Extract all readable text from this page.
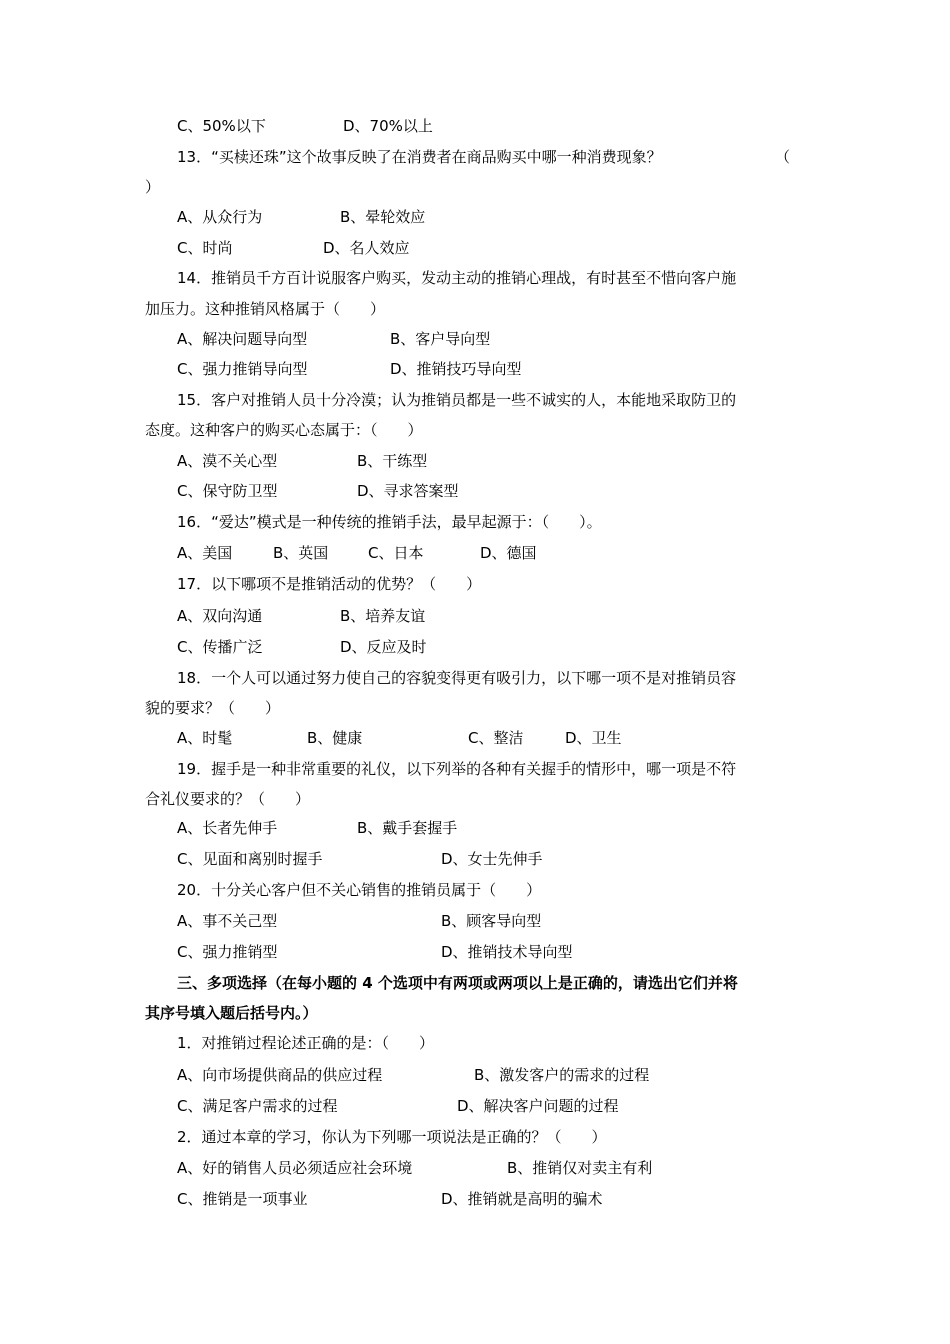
C、50%以下	D、70%以上
13．“买椟还珠”这个故事反映了在消费者在商品购买中哪一种消费现象？	（
）
A、从众行为	B、晕轮效应
C、时尚	D、名人效应
14．推销员千方百计说服客户购买，发动主动的推销心理战，有时甚至不惜向客户施
加压力。这种推销风格属于（　　）
A、解决问题导向型	B、客户导向型
C、强力推销导向型	D、推销技巧导向型
15．客户对推销人员十分冷漠；认为推销员都是一些不诚实的人，本能地采取防卫的
态度。这种客户的购买心态属于：（　　）
A、漠不关心型	B、干练型
C、保守防卫型	D、寻求答案型
16．“爱达”模式是一种传统的推销手法，最早起源于：（　　）。
A、美国	B、英国	C、日本	D、德国
17．以下哪项不是推销活动的优势？（　　）
A、双向沟通	B、培养友谊
C、传播广泛	D、反应及时
18．一个人可以通过努力使自己的容貌变得更有吸引力，以下哪一项不是对推销员容
貌的要求？（　　）
A、时髦	B、健康	C、整洁	D、卫生
19．握手是一种非常重要的礼仪，以下列举的各种有关握手的情形中，哪一项是不符
合礼仪要求的？（　　）
A、长者先伸手	B、戴手套握手
C、见面和离别时握手	D、女士先伸手
20．十分关心客户但不关心销售的推销员属于（　　）
A、事不关己型	B、顾客导向型
C、强力推销型	D、推销技术导向型
三、多项选择（在每小题的 4 个选项中有两项或两项以上是正确的，请选出它们并将
其序号填入题后括号内。）
1．对推销过程论述正确的是：（　　）
A、向市场提供商品的供应过程	B、激发客户的需求的过程
C、满足客户需求的过程	D、解决客户问题的过程
2．通过本章的学习，你认为下列哪一项说法是正确的？（　　）
A、好的销售人员必须适应社会环境	B、推销仅对卖主有利
C、推销是一项事业	D、推销就是高明的骗术
